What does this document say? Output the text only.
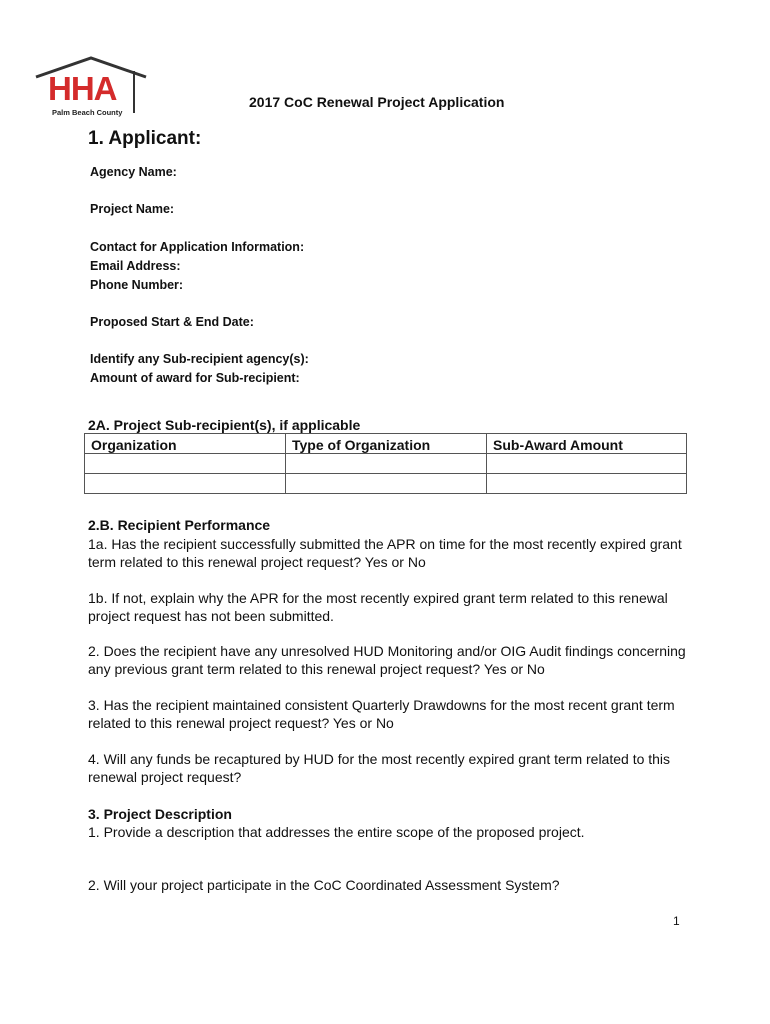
HHA
Palm Beach County
2017 CoC Renewal Project Application
1. Applicant:
Agency Name:
Project Name:
Contact for Application Information:
Email Address:
Phone Number:
Proposed Start & End Date:
Identify any Sub-recipient agency(s):
Amount of award for Sub-recipient:
2A. Project Sub-recipient(s), if applicable
Organization	Type of Organization	Sub-Award Amount

2.B. Recipient Performance
1a. Has the recipient successfully submitted the APR on time for the most recently expired grant term related to this renewal project request? Yes or No
1b. If not, explain why the APR for the most recently expired grant term related to this renewal project request has not been submitted.
2. Does the recipient have any unresolved HUD Monitoring and/or OIG Audit findings concerning any previous grant term related to this renewal project request? Yes or No
3. Has the recipient maintained consistent Quarterly Drawdowns for the most recent grant term related to this renewal project request? Yes or No
4. Will any funds be recaptured by HUD for the most recently expired grant term related to this renewal project request?
3. Project Description
1. Provide a description that addresses the entire scope of the proposed project.
2. Will your project participate in the CoC Coordinated Assessment System?
1
